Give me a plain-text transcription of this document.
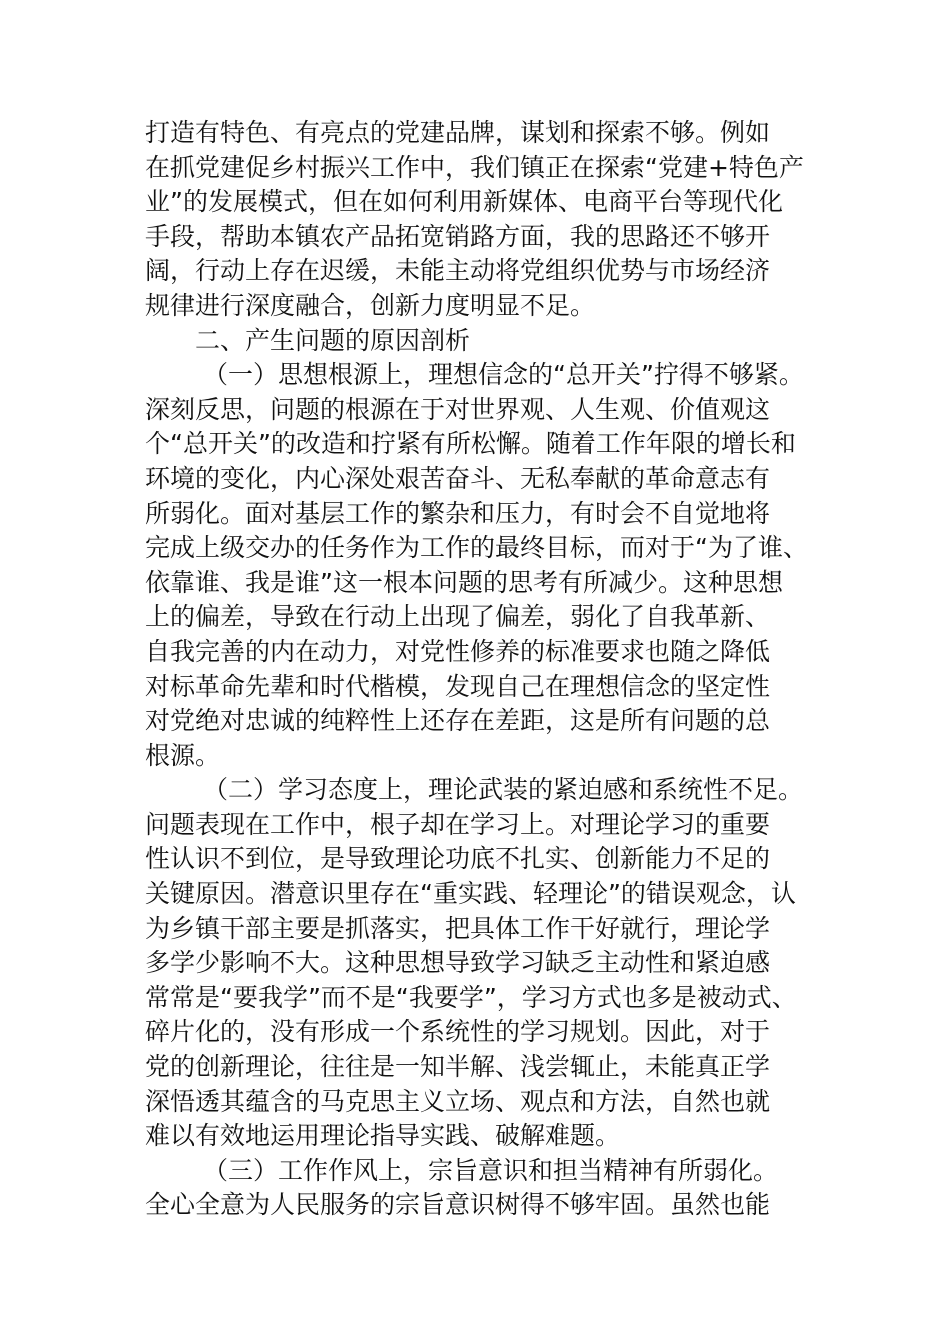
打造有特色、有亮点的党建品牌，谋划和探索不够。例如
在抓党建促乡村振兴工作中，我们镇正在探索“党建+特色产
业”的发展模式，但在如何利用新媒体、电商平台等现代化
手段，帮助本镇农产品拓宽销路方面，我的思路还不够开
阔，行动上存在迟缓，未能主动将党组织优势与市场经济
规律进行深度融合，创新力度明显不足。
二、产生问题的原因剖析
（一）思想根源上，理想信念的“总开关”拧得不够紧。
深刻反思，问题的根源在于对世界观、人生观、价值观这
个“总开关”的改造和拧紧有所松懈。随着工作年限的增长和
环境的变化，内心深处艰苦奋斗、无私奉献的革命意志有
所弱化。面对基层工作的繁杂和压力，有时会不自觉地将
完成上级交办的任务作为工作的最终目标，而对于“为了谁、
依靠谁、我是谁”这一根本问题的思考有所减少。这种思想
上的偏差，导致在行动上出现了偏差，弱化了自我革新、
自我完善的内在动力，对党性修养的标准要求也随之降低
对标革命先辈和时代楷模，发现自己在理想信念的坚定性
对党绝对忠诚的纯粹性上还存在差距，这是所有问题的总
根源。
（二）学习态度上，理论武装的紧迫感和系统性不足。
问题表现在工作中，根子却在学习上。对理论学习的重要
性认识不到位，是导致理论功底不扎实、创新能力不足的
关键原因。潜意识里存在“重实践、轻理论”的错误观念，认
为乡镇干部主要是抓落实，把具体工作干好就行，理论学
多学少影响不大。这种思想导致学习缺乏主动性和紧迫感
常常是“要我学”而不是“我要学”，学习方式也多是被动式、
碎片化的，没有形成一个系统性的学习规划。因此，对于
党的创新理论，往往是一知半解、浅尝辄止，未能真正学
深悟透其蕴含的马克思主义立场、观点和方法，自然也就
难以有效地运用理论指导实践、破解难题。
（三）工作作风上，宗旨意识和担当精神有所弱化。
全心全意为人民服务的宗旨意识树得不够牢固。虽然也能
